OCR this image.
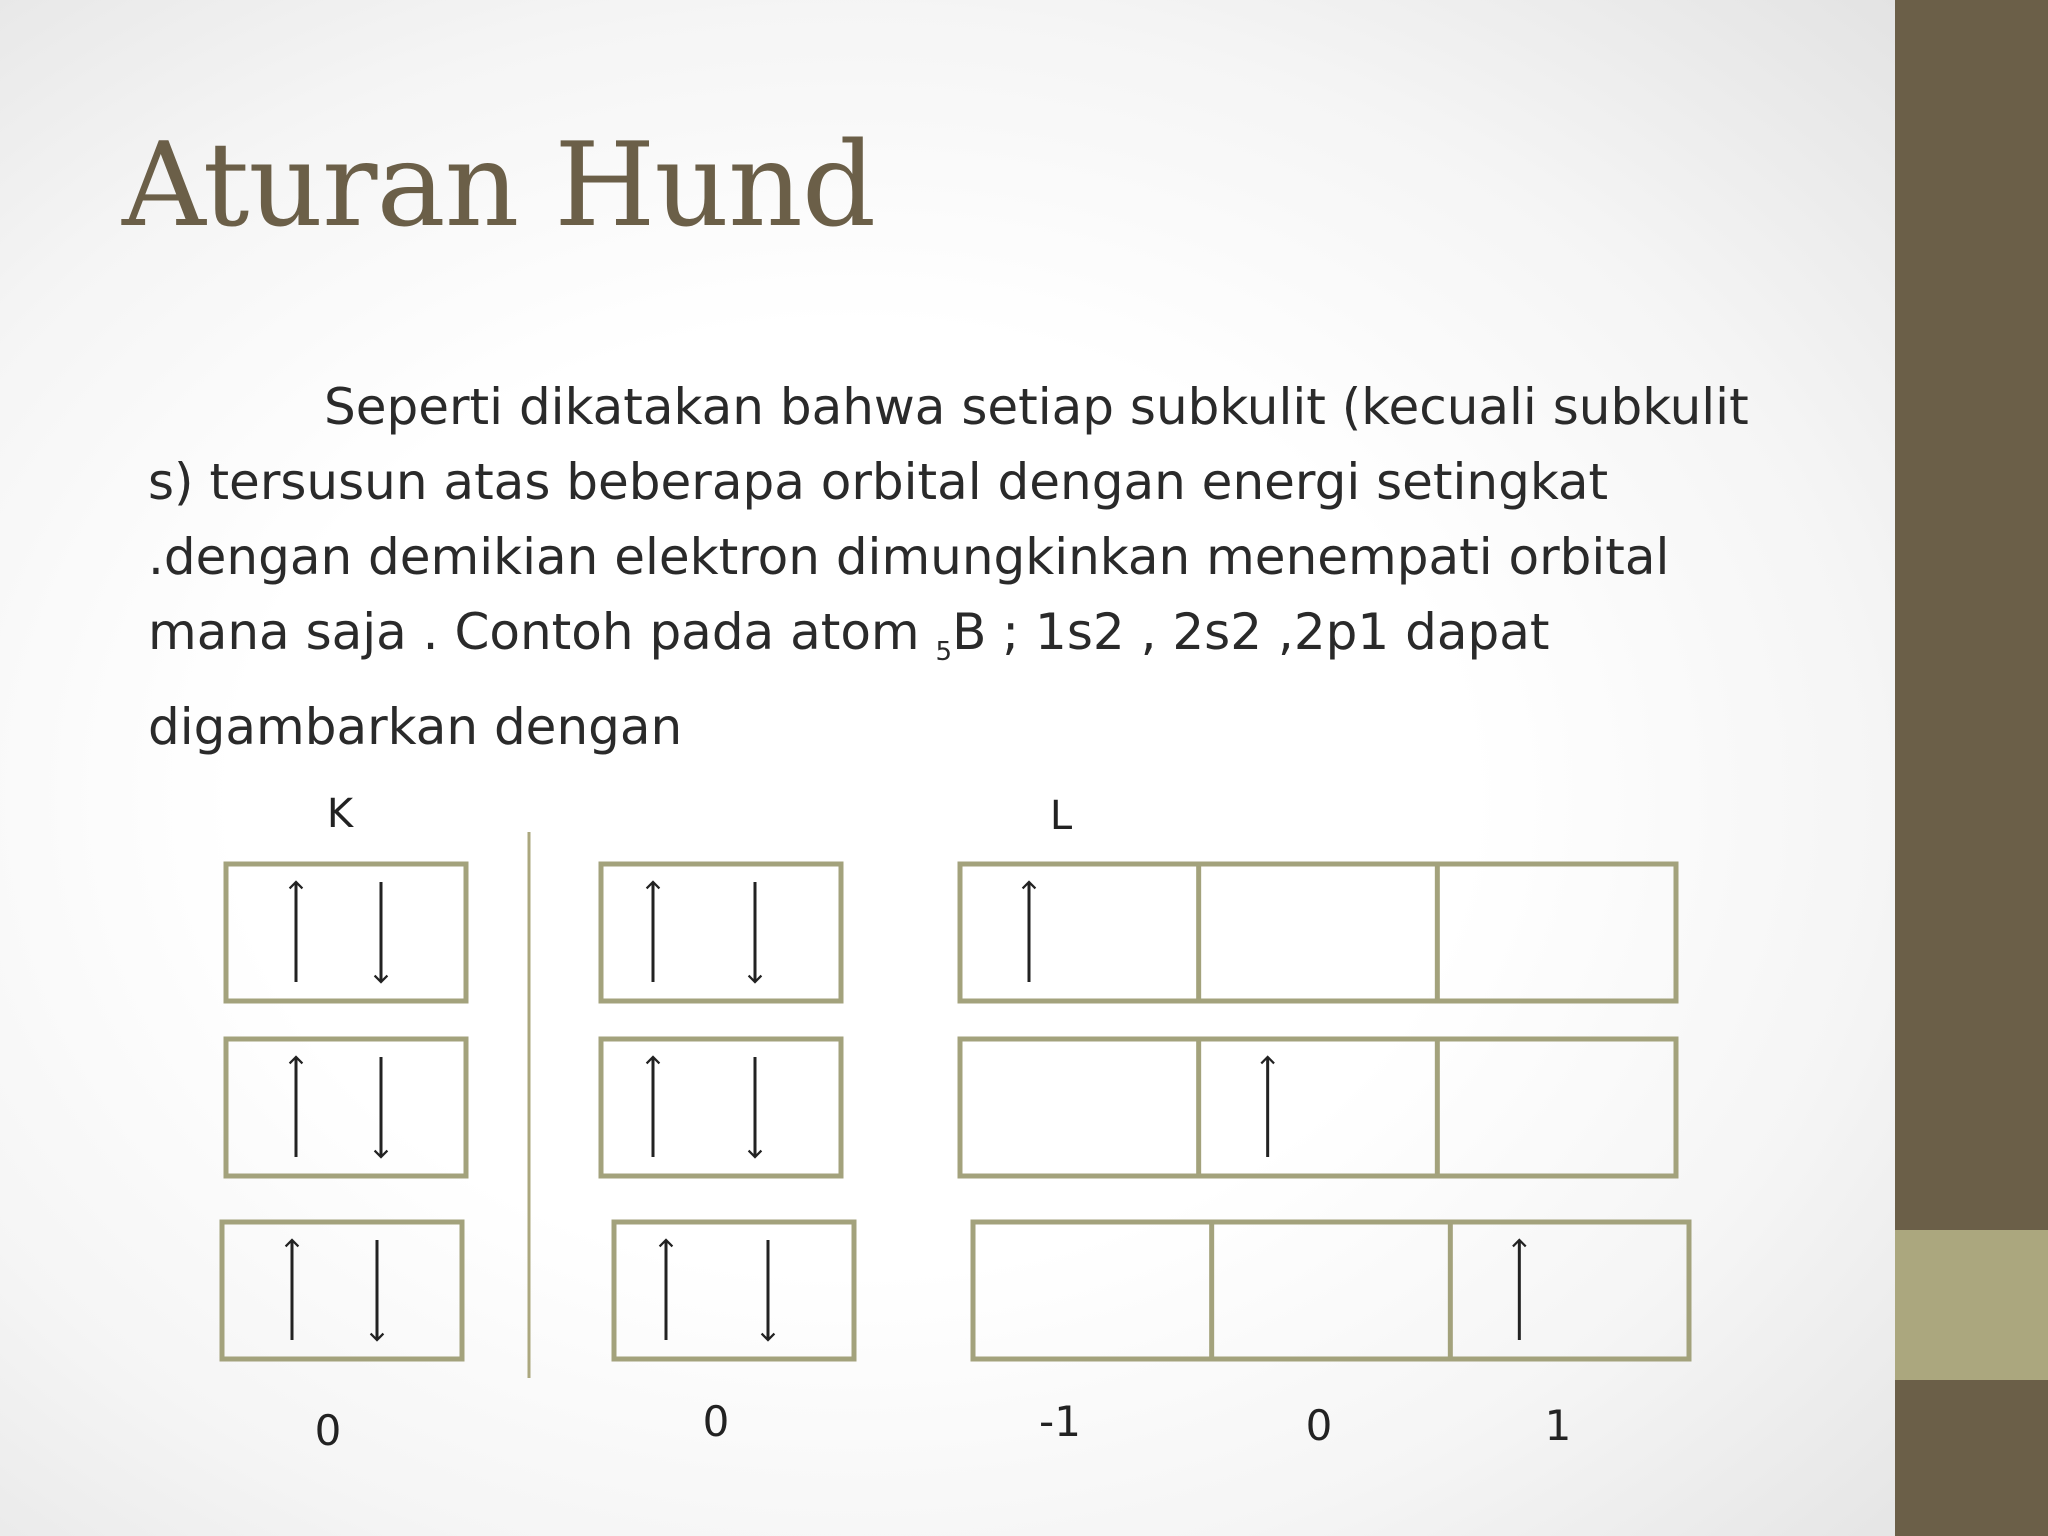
Aturan Hund

Seperti dikatakan bahwa setiap subkulit (kecuali subkulit s) tersusun atas beberapa orbital dengan energi setingkat .dengan demikian elektron dimungkinkan menempati orbital mana saja . Contoh pada atom $_5$B ; 1s2 , 2s2 ,2p1 dapat digambarkan dengan

K	L
0	0	-1	0	1
